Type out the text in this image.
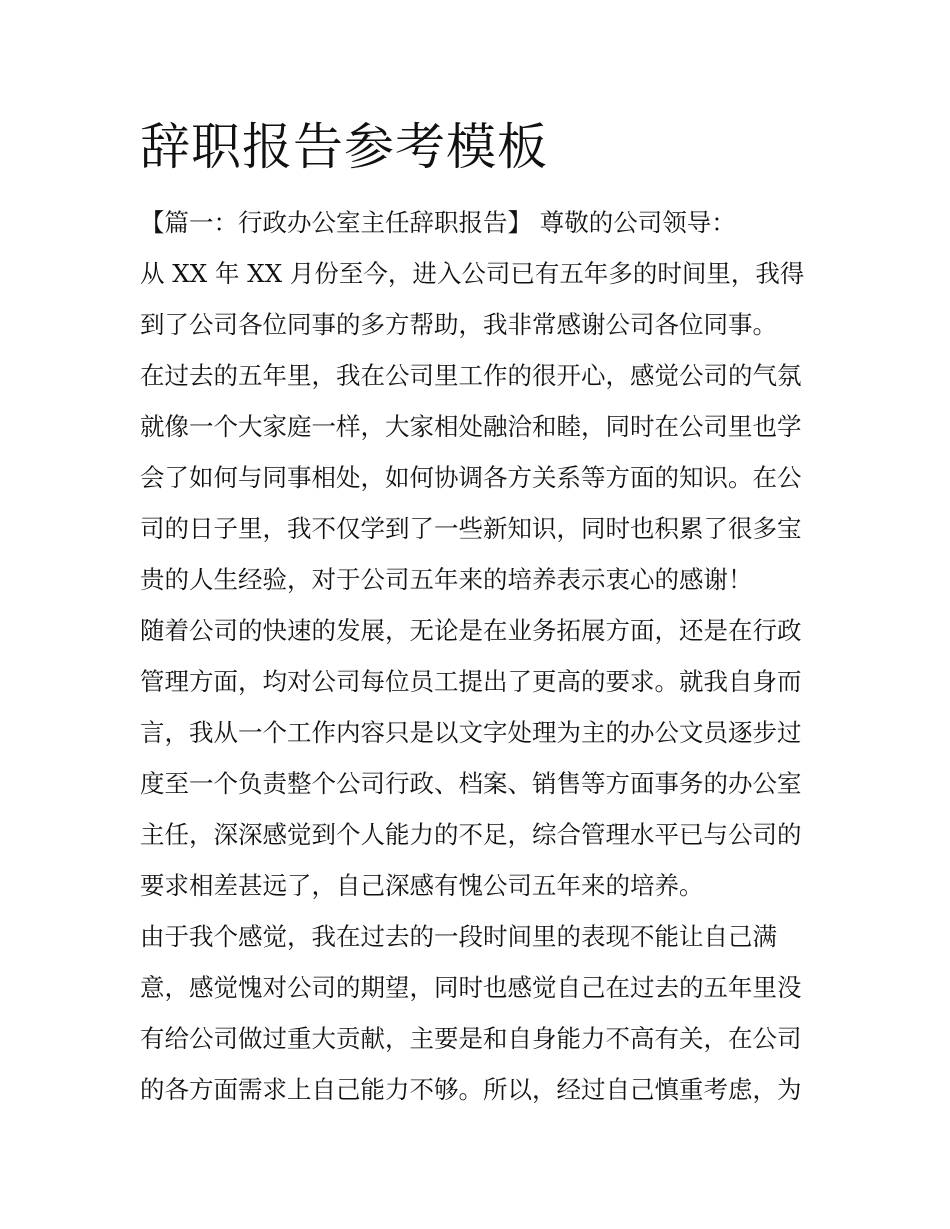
辞职报告参考模板

【篇一：行政办公室主任辞职报告】 尊敬的公司领导：

从 XX 年 XX 月份至今，进入公司已有五年多的时间里，我得

到了公司各位同事的多方帮助，我非常感谢公司各位同事。

在过去的五年里，我在公司里工作的很开心，感觉公司的气氛

就像一个大家庭一样，大家相处融洽和睦，同时在公司里也学

会了如何与同事相处，如何协调各方关系等方面的知识。在公

司的日子里，我不仅学到了一些新知识，同时也积累了很多宝

贵的人生经验，对于公司五年来的培养表示衷心的感谢！

随着公司的快速的发展，无论是在业务拓展方面，还是在行政

管理方面，均对公司每位员工提出了更高的要求。就我自身而

言，我从一个工作内容只是以文字处理为主的办公文员逐步过

度至一个负责整个公司行政、档案、销售等方面事务的办公室

主任，深深感觉到个人能力的不足，综合管理水平已与公司的

要求相差甚远了，自己深感有愧公司五年来的培养。

由于我个感觉，我在过去的一段时间里的表现不能让自己满

意，感觉愧对公司的期望，同时也感觉自己在过去的五年里没

有给公司做过重大贡献，主要是和自身能力不高有关，在公司

的各方面需求上自己能力不够。所以，经过自己慎重考虑，为
